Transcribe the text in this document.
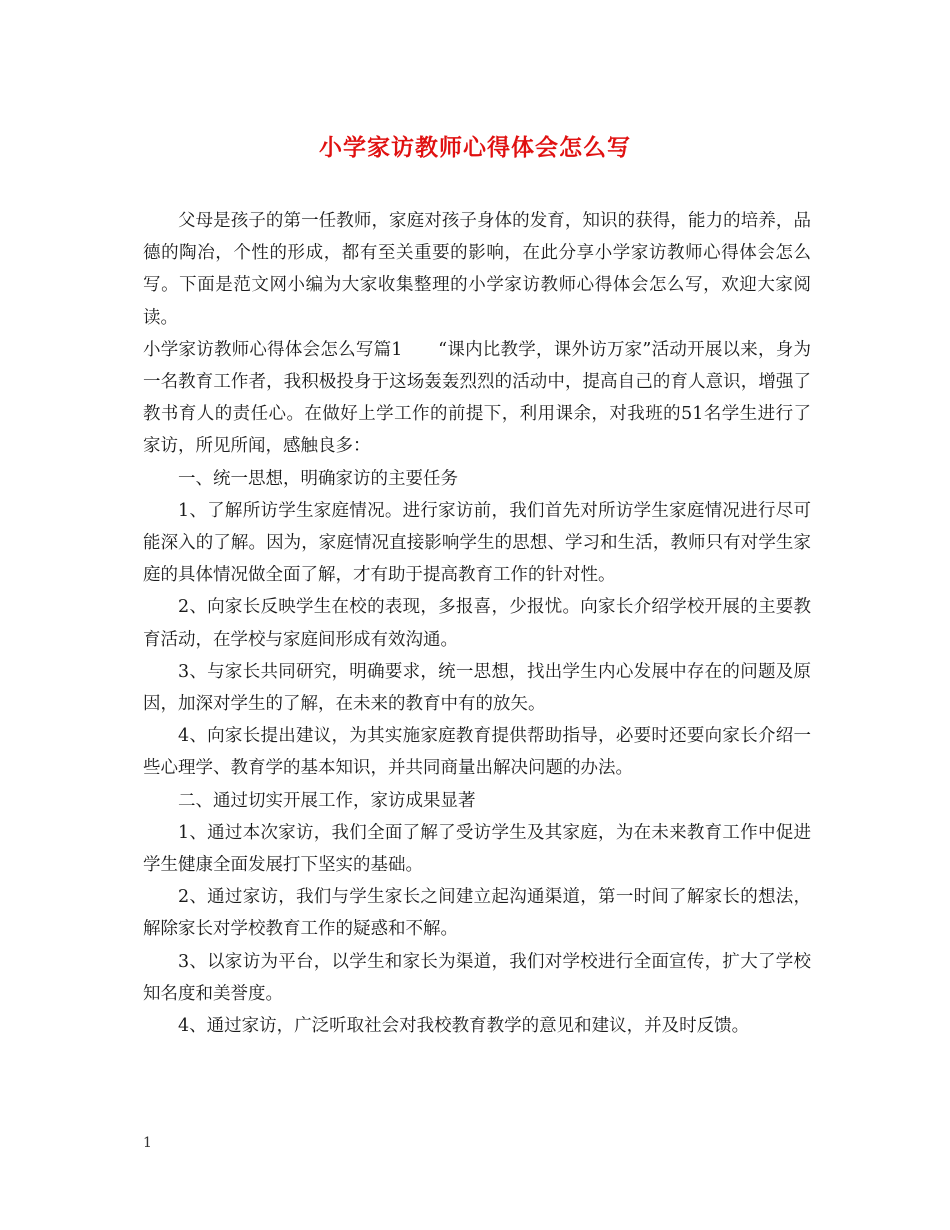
小学家访教师心得体会怎么写

父母是孩子的第一任教师，家庭对孩子身体的发育，知识的获得，能力的培养，品德的陶冶，个性的形成，都有至关重要的影响，在此分享小学家访教师心得体会怎么写。下面是范文网小编为大家收集整理的小学家访教师心得体会怎么写，欢迎大家阅读。

小学家访教师心得体会怎么写篇1　　“课内比教学，课外访万家”活动开展以来，身为一名教育工作者，我积极投身于这场轰轰烈烈的活动中，提高自己的育人意识，增强了教书育人的责任心。在做好上学工作的前提下，利用课余，对我班的51名学生进行了家访，所见所闻，感触良多：

一、统一思想，明确家访的主要任务

1、了解所访学生家庭情况。进行家访前，我们首先对所访学生家庭情况进行尽可能深入的了解。因为，家庭情况直接影响学生的思想、学习和生活，教师只有对学生家庭的具体情况做全面了解，才有助于提高教育工作的针对性。

2、向家长反映学生在校的表现，多报喜，少报忧。向家长介绍学校开展的主要教育活动，在学校与家庭间形成有效沟通。

3、与家长共同研究，明确要求，统一思想，找出学生内心发展中存在的问题及原因，加深对学生的了解，在未来的教育中有的放矢。

4、向家长提出建议，为其实施家庭教育提供帮助指导，必要时还要向家长介绍一些心理学、教育学的基本知识，并共同商量出解决问题的办法。

二、通过切实开展工作，家访成果显著

1、通过本次家访，我们全面了解了受访学生及其家庭，为在未来教育工作中促进学生健康全面发展打下坚实的基础。

2、通过家访，我们与学生家长之间建立起沟通渠道，第一时间了解家长的想法，解除家长对学校教育工作的疑惑和不解。

3、以家访为平台，以学生和家长为渠道，我们对学校进行全面宣传，扩大了学校知名度和美誉度。

4、通过家访，广泛听取社会对我校教育教学的意见和建议，并及时反馈。

1
